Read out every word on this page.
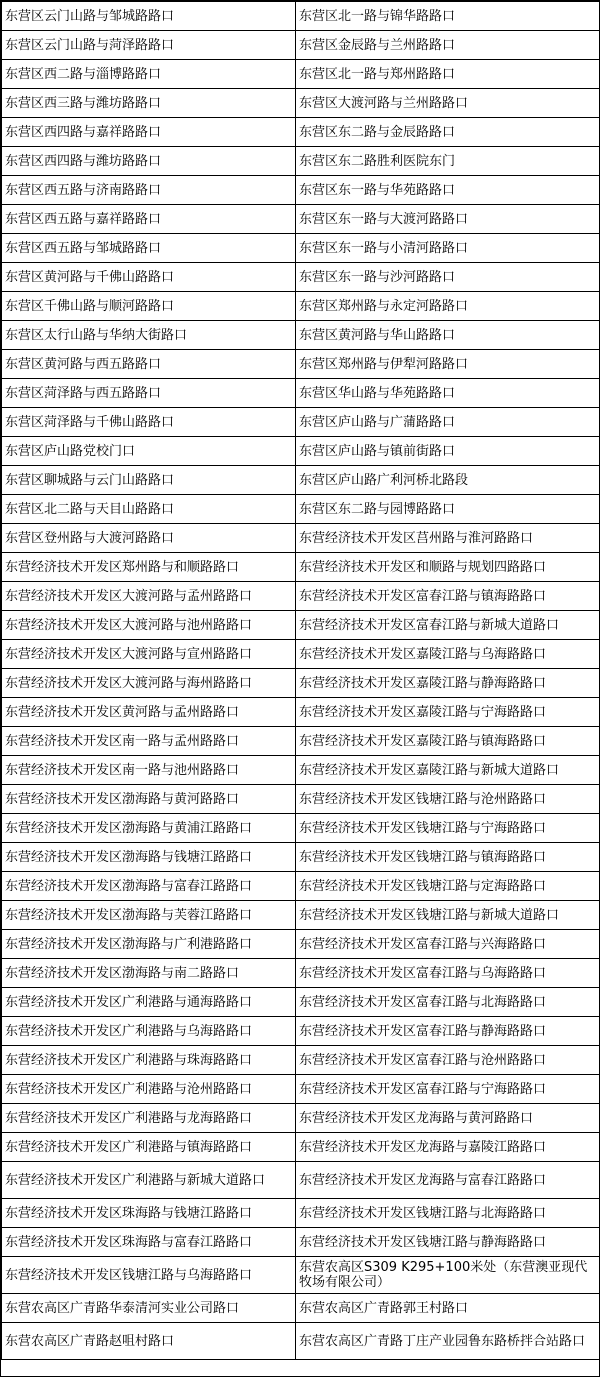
东营区云门山路与邹城路路口	东营区北一路与锦华路路口
东营区云门山路与菏泽路路口	东营区金辰路与兰州路路口
东营区西二路与淄博路路口	东营区北一路与郑州路路口
东营区西三路与潍坊路路口	东营区大渡河路与兰州路路口
东营区西四路与嘉祥路路口	东营区东二路与金辰路路口
东营区西四路与潍坊路路口	东营区东二路胜利医院东门
东营区西五路与济南路路口	东营区东一路与华苑路路口
东营区西五路与嘉祥路路口	东营区东一路与大渡河路路口
东营区西五路与邹城路路口	东营区东一路与小清河路路口
东营区黄河路与千佛山路路口	东营区东一路与沙河路路口
东营区千佛山路与顺河路路口	东营区郑州路与永定河路路口
东营区太行山路与华纳大街路口	东营区黄河路与华山路路口
东营区黄河路与西五路路口	东营区郑州路与伊犁河路路口
东营区菏泽路与西五路路口	东营区华山路与华苑路路口
东营区菏泽路与千佛山路路口	东营区庐山路与广蒲路路口
东营区庐山路党校门口	东营区庐山路与镇前街路口
东营区聊城路与云门山路路口	东营区庐山路广利河桥北路段
东营区北二路与天目山路路口	东营区东二路与园博路路口
东营区登州路与大渡河路路口	东营经济技术开发区莒州路与淮河路路口
东营经济技术开发区郑州路与和顺路路口	东营经济技术开发区和顺路与规划四路路口
东营经济技术开发区大渡河路与孟州路路口	东营经济技术开发区富春江路与镇海路路口
东营经济技术开发区大渡河路与池州路路口	东营经济技术开发区富春江路与新城大道路口
东营经济技术开发区大渡河路与宣州路路口	东营经济技术开发区嘉陵江路与乌海路路口
东营经济技术开发区大渡河路与海州路路口	东营经济技术开发区嘉陵江路与静海路路口
东营经济技术开发区黄河路与孟州路路口	东营经济技术开发区嘉陵江路与宁海路路口
东营经济技术开发区南一路与孟州路路口	东营经济技术开发区嘉陵江路与镇海路路口
东营经济技术开发区南一路与池州路路口	东营经济技术开发区嘉陵江路与新城大道路口
东营经济技术开发区渤海路与黄河路路口	东营经济技术开发区钱塘江路与沧州路路口
东营经济技术开发区渤海路与黄浦江路路口	东营经济技术开发区钱塘江路与宁海路路口
东营经济技术开发区渤海路与钱塘江路路口	东营经济技术开发区钱塘江路与镇海路路口
东营经济技术开发区渤海路与富春江路路口	东营经济技术开发区钱塘江路与定海路路口
东营经济技术开发区渤海路与芙蓉江路路口	东营经济技术开发区钱塘江路与新城大道路口
东营经济技术开发区渤海路与广利港路路口	东营经济技术开发区富春江路与兴海路路口
东营经济技术开发区渤海路与南二路路口	东营经济技术开发区富春江路与乌海路路口
东营经济技术开发区广利港路与通海路路口	东营经济技术开发区富春江路与北海路路口
东营经济技术开发区广利港路与乌海路路口	东营经济技术开发区富春江路与静海路路口
东营经济技术开发区广利港路与珠海路路口	东营经济技术开发区富春江路与沧州路路口
东营经济技术开发区广利港路与沧州路路口	东营经济技术开发区富春江路与宁海路路口
东营经济技术开发区广利港路与龙海路路口	东营经济技术开发区龙海路与黄河路路口
东营经济技术开发区广利港路与镇海路路口	东营经济技术开发区龙海路与嘉陵江路路口
东营经济技术开发区广利港路与新城大道路口	东营经济技术开发区龙海路与富春江路路口
东营经济技术开发区珠海路与钱塘江路路口	东营经济技术开发区钱塘江路与北海路路口
东营经济技术开发区珠海路与富春江路路口	东营经济技术开发区钱塘江路与静海路路口
东营经济技术开发区钱塘江路与乌海路路口	东营农高区S309 K295+100米处（东营澳亚现代牧场有限公司）
东营农高区广青路华泰清河实业公司路口	东营农高区广青路郭王村路口
东营农高区广青路赵咀村路口	东营农高区广青路丁庄产业园鲁东路桥拌合站路口
